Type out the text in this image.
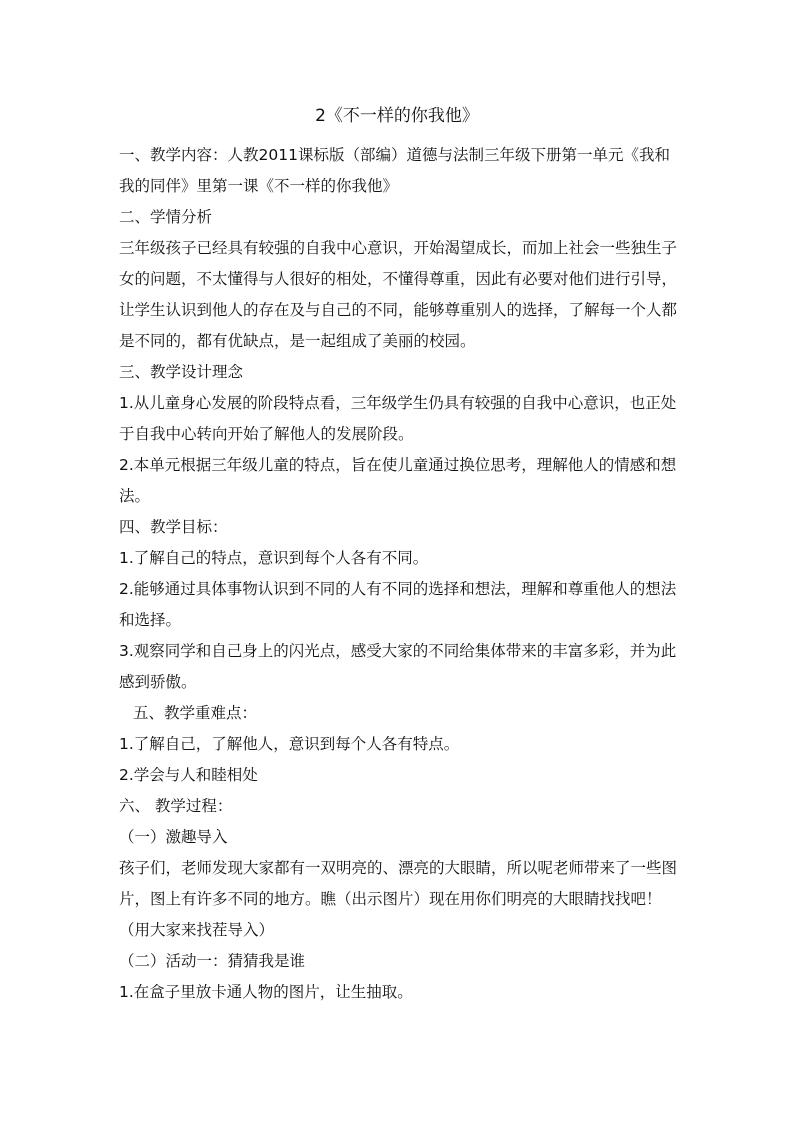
2《不一样的你我他》

一、教学内容：人教2011课标版（部编）道德与法制三年级下册第一单元《我和我的同伴》里第一课《不一样的你我他》

二、学情分析

三年级孩子已经具有较强的自我中心意识，开始渴望成长，而加上社会一些独生子女的问题，不太懂得与人很好的相处，不懂得尊重，因此有必要对他们进行引导，让学生认识到他人的存在及与自己的不同，能够尊重别人的选择，了解每一个人都是不同的，都有优缺点，是一起组成了美丽的校园。

三、教学设计理念

1.从儿童身心发展的阶段特点看，三年级学生仍具有较强的自我中心意识，也正处于自我中心转向开始了解他人的发展阶段。

2.本单元根据三年级儿童的特点，旨在使儿童通过换位思考，理解他人的情感和想法。

四、教学目标：

1.了解自己的特点，意识到每个人各有不同。

2.能够通过具体事物认识到不同的人有不同的选择和想法，理解和尊重他人的想法和选择。

3.观察同学和自己身上的闪光点，感受大家的不同给集体带来的丰富多彩，并为此感到骄傲。

五、教学重难点：

1.了解自己，了解他人，意识到每个人各有特点。

2.学会与人和睦相处

六、 教学过程：

（一）激趣导入

孩子们，老师发现大家都有一双明亮的、漂亮的大眼睛，所以呢老师带来了一些图片，图上有许多不同的地方。瞧（出示图片）现在用你们明亮的大眼睛找找吧！

（用大家来找茬导入）

（二）活动一：猜猜我是谁

1.在盒子里放卡通人物的图片，让生抽取。
